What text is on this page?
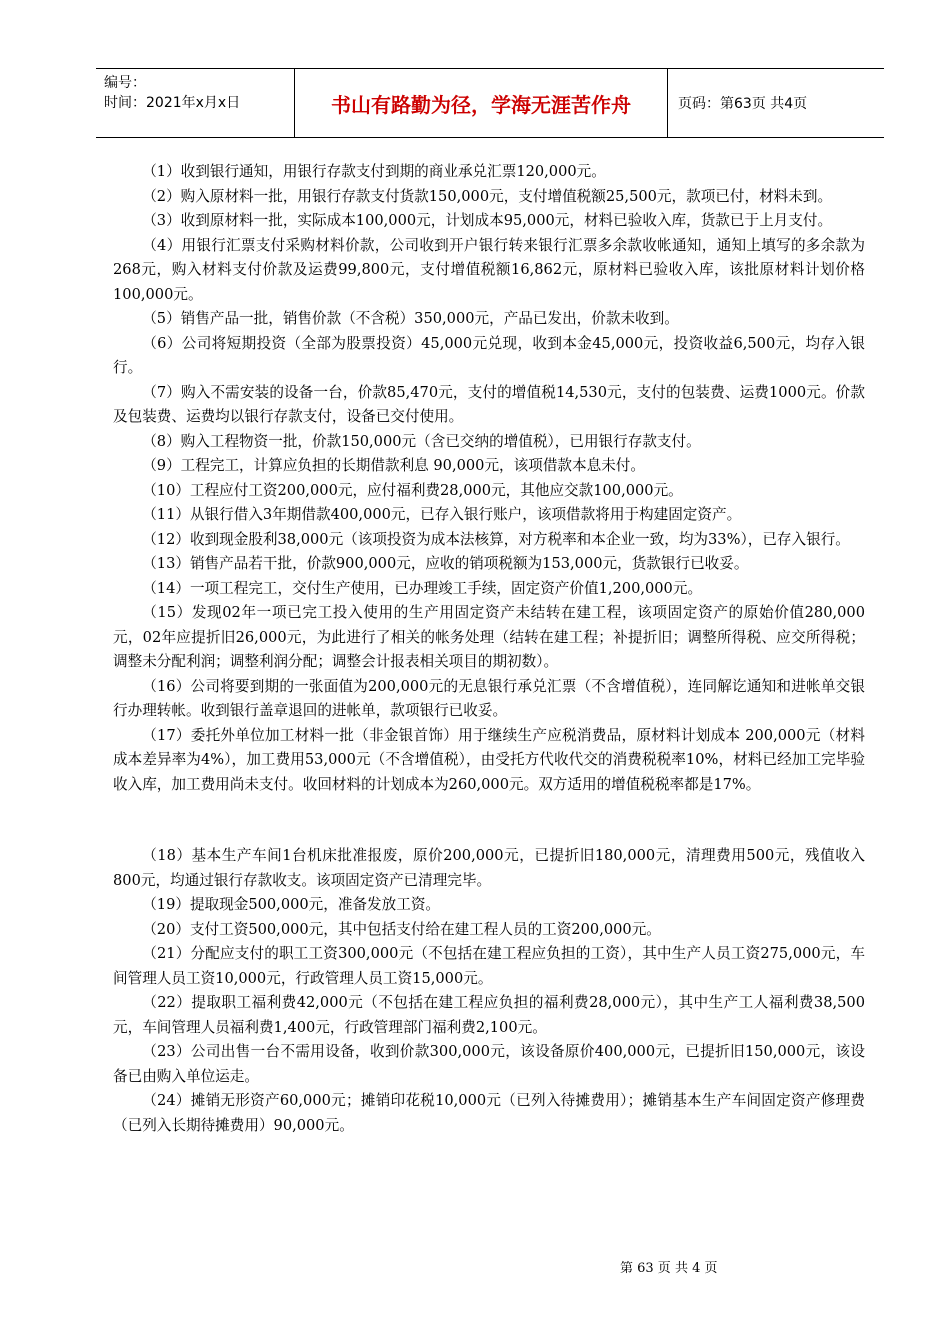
编号：
时间：2021年x月x日	书山有路勤为径，学海无涯苦作舟	页码：第63页 共4页

（1）收到银行通知，用银行存款支付到期的商业承兑汇票120,000元。

（2）购入原材料一批，用银行存款支付货款150,000元，支付增值税额25,500元，款项已付，材料未到。

（3）收到原材料一批，实际成本100,000元，计划成本95,000元，材料已验收入库，货款已于上月支付。

（4）用银行汇票支付采购材料价款，公司收到开户银行转来银行汇票多余款收帐通知，通知上填写的多余款为268元，购入材料支付价款及运费99,800元，支付增值税额16,862元，原材料已验收入库，该批原材料计划价格100,000元。

（5）销售产品一批，销售价款（不含税）350,000元，产品已发出，价款未收到。

（6）公司将短期投资（全部为股票投资）45,000元兑现，收到本金45,000元，投资收益6,500元，均存入银行。

（7）购入不需安装的设备一台，价款85,470元，支付的增值税14,530元，支付的包装费、运费1000元。价款及包装费、运费均以银行存款支付，设备已交付使用。

（8）购入工程物资一批，价款150,000元（含已交纳的增值税），已用银行存款支付。

（9）工程完工，计算应负担的长期借款利息 90,000元，该项借款本息未付。

（10）工程应付工资200,000元，应付福利费28,000元，其他应交款100,000元。

（11）从银行借入3年期借款400,000元，已存入银行账户，该项借款将用于构建固定资产。

（12）收到现金股利38,000元（该项投资为成本法核算，对方税率和本企业一致，均为33%），已存入银行。

（13）销售产品若干批，价款900,000元，应收的销项税额为153,000元，货款银行已收妥。

（14）一项工程完工，交付生产使用，已办理竣工手续，固定资产价值1,200,000元。

（15）发现02年一项已完工投入使用的生产用固定资产未结转在建工程，该项固定资产的原始价值280,000元，02年应提折旧26,000元，为此进行了相关的帐务处理（结转在建工程；补提折旧；调整所得税、应交所得税；调整未分配利润；调整利润分配；调整会计报表相关项目的期初数）。

（16）公司将要到期的一张面值为200,000元的无息银行承兑汇票（不含增值税），连同解讫通知和进帐单交银行办理转帐。收到银行盖章退回的进帐单，款项银行已收妥。

（17）委托外单位加工材料一批（非金银首饰）用于继续生产应税消费品，原材料计划成本 200,000元（材料成本差异率为4%），加工费用53,000元（不含增值税），由受托方代收代交的消费税税率10%，材料已经加工完毕验收入库，加工费用尚未支付。收回材料的计划成本为260,000元。双方适用的增值税税率都是17%。

（18）基本生产车间1台机床批准报废，原价200,000元，已提折旧180,000元，清理费用500元，残值收入800元，均通过银行存款收支。该项固定资产已清理完毕。

（19）提取现金500,000元，准备发放工资。

（20）支付工资500,000元，其中包括支付给在建工程人员的工资200,000元。

（21）分配应支付的职工工资300,000元（不包括在建工程应负担的工资），其中生产人员工资275,000元，车间管理人员工资10,000元，行政管理人员工资15,000元。

（22）提取职工福利费42,000元（不包括在建工程应负担的福利费28,000元），其中生产工人福利费38,500元，车间管理人员福利费1,400元，行政管理部门福利费2,100元。

（23）公司出售一台不需用设备，收到价款300,000元，该设备原价400,000元，已提折旧150,000元，该设备已由购入单位运走。

（24）摊销无形资产60,000元；摊销印花税10,000元（已列入待摊费用）；摊销基本生产车间固定资产修理费（已列入长期待摊费用）90,000元。

第 63 页 共 4 页
